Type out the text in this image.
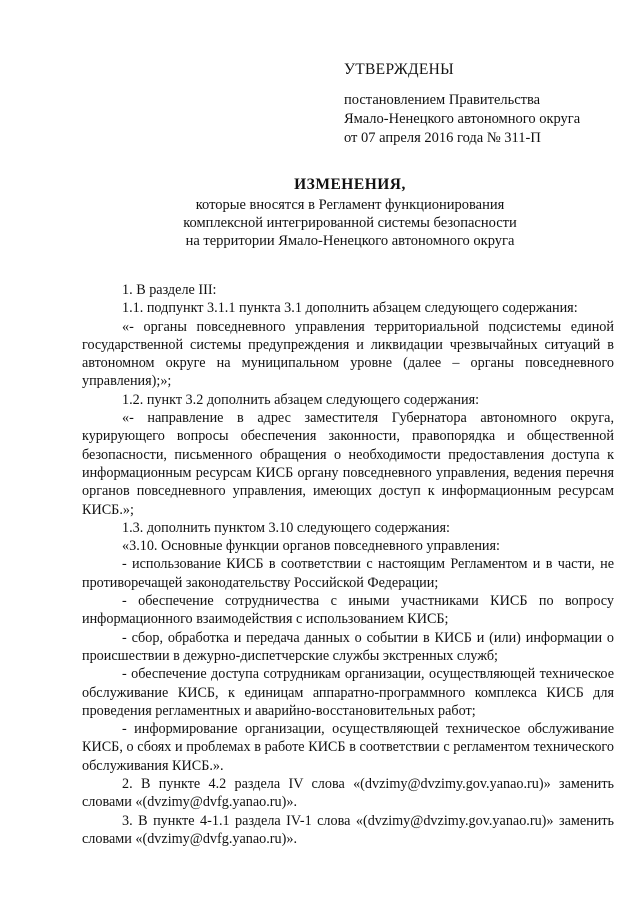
УТВЕРЖДЕНЫ
постановлением Правительства
Ямало-Ненецкого автономного округа
от 07 апреля 2016 года № 311-П
ИЗМЕНЕНИЯ,
которые вносятся в Регламент функционирования
комплексной интегрированной системы безопасности
на территории Ямало-Ненецкого автономного округа
1. В разделе III:
1.1. подпункт 3.1.1 пункта 3.1 дополнить абзацем следующего содержания:
«- органы повседневного управления территориальной подсистемы единой государственной системы предупреждения и ликвидации чрезвычайных ситуаций в автономном округе на муниципальном уровне (далее – органы повседневного управления);»;
1.2. пункт 3.2 дополнить абзацем следующего содержания:
«- направление в адрес заместителя Губернатора автономного округа, курирующего вопросы обеспечения законности, правопорядка и общественной безопасности, письменного обращения о необходимости предоставления доступа к информационным ресурсам КИСБ органу повседневного управления, ведения перечня органов повседневного управления, имеющих доступ к информационным ресурсам КИСБ.»;
1.3. дополнить пунктом 3.10 следующего содержания:
«3.10. Основные функции органов повседневного управления:
- использование КИСБ в соответствии с настоящим Регламентом и в части, не противоречащей законодательству Российской Федерации;
- обеспечение сотрудничества с иными участниками КИСБ по вопросу информационного взаимодействия с использованием КИСБ;
- сбор, обработка и передача данных о событии в КИСБ и (или) информации о происшествии в дежурно-диспетчерские службы экстренных служб;
- обеспечение доступа сотрудникам организации, осуществляющей техническое обслуживание КИСБ, к единицам аппаратно-программного комплекса КИСБ для проведения регламентных и аварийно-восстановительных работ;
- информирование организации, осуществляющей техническое обслуживание КИСБ, о сбоях и проблемах в работе КИСБ в соответствии с регламентом технического обслуживания КИСБ.».
2. В пункте 4.2 раздела IV слова «(dvzimy@dvzimy.gov.yanao.ru)» заменить словами «(dvzimy@dvfg.yanao.ru)».
3. В пункте 4-1.1 раздела IV-1 слова «(dvzimy@dvzimy.gov.yanao.ru)» заменить словами «(dvzimy@dvfg.yanao.ru)».
